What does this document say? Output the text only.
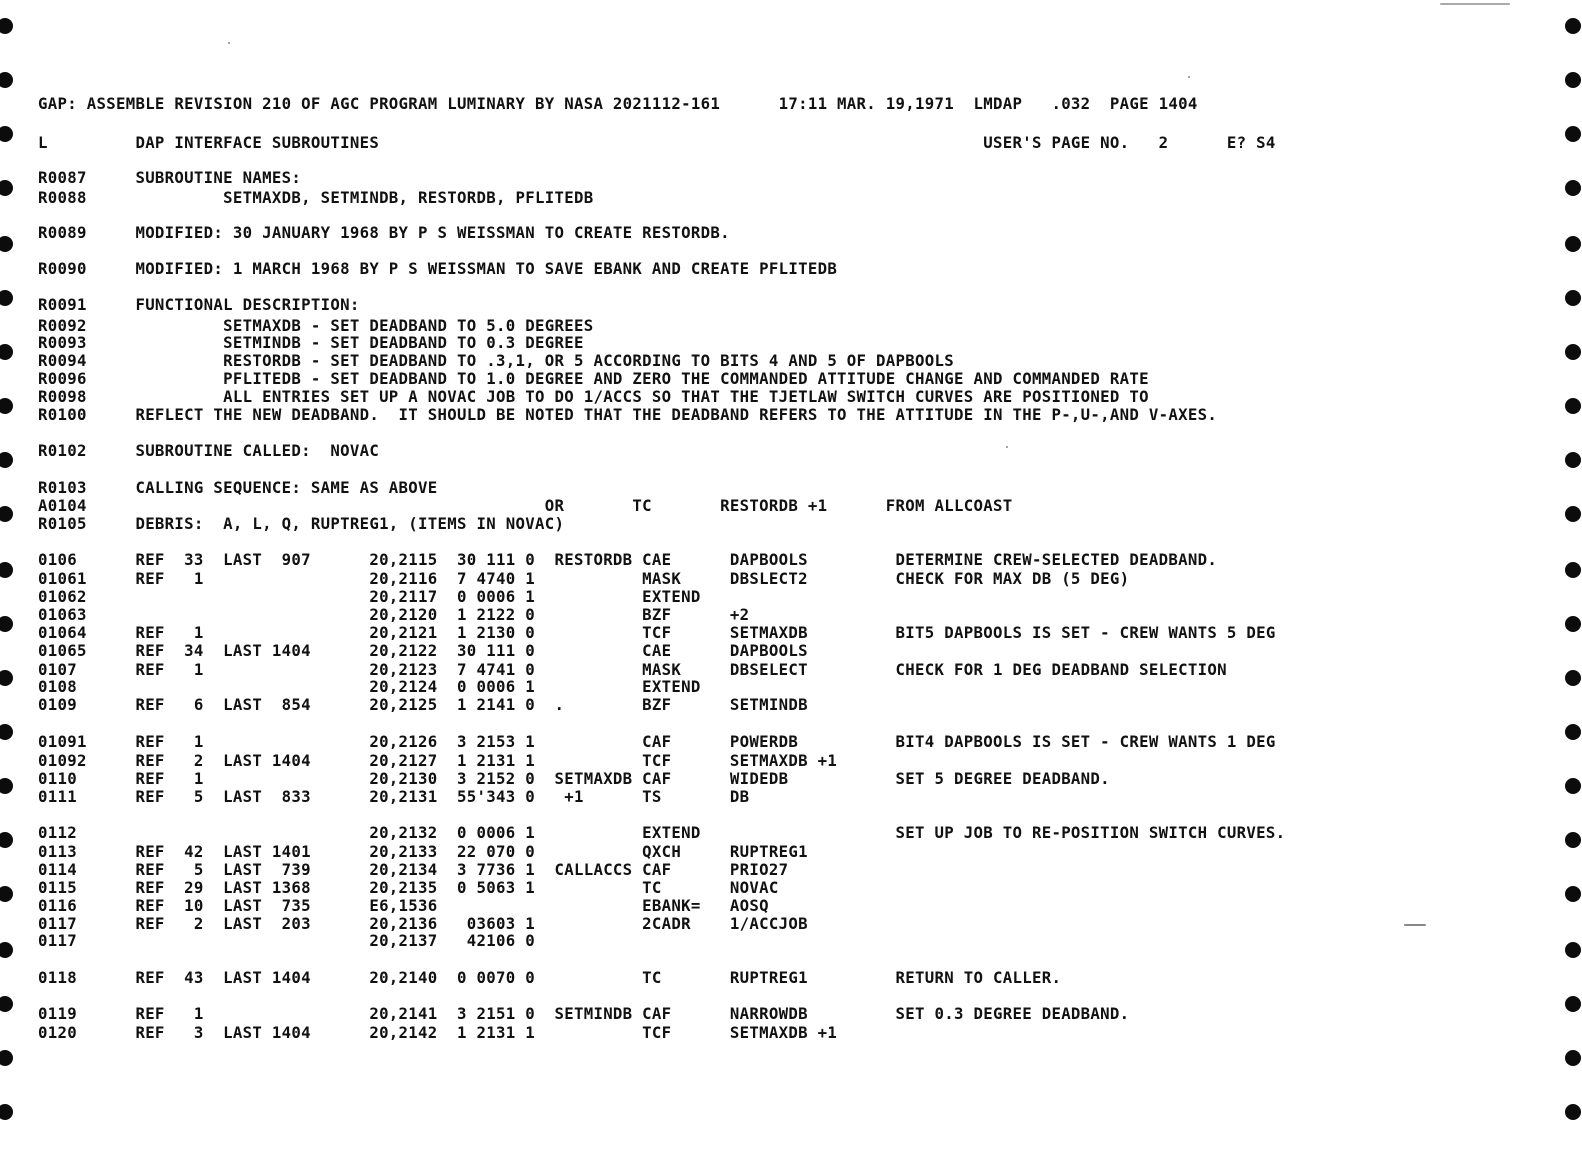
GAP: ASSEMBLE REVISION 210 OF AGC PROGRAM LUMINARY BY NASA 2021112-161      17:11 MAR. 19,1971  LMDAP   .032  PAGE 1404
L         DAP INTERFACE SUBROUTINES                                                              USER'S PAGE NO.   2      E? S4
R0087     SUBROUTINE NAMES:
R0088              SETMAXDB, SETMINDB, RESTORDB, PFLITEDB
R0089     MODIFIED: 30 JANUARY 1968 BY P S WEISSMAN TO CREATE RESTORDB.
R0090     MODIFIED: 1 MARCH 1968 BY P S WEISSMAN TO SAVE EBANK AND CREATE PFLITEDB
R0091     FUNCTIONAL DESCRIPTION:
R0092              SETMAXDB - SET DEADBAND TO 5.0 DEGREES
R0093              SETMINDB - SET DEADBAND TO 0.3 DEGREE
R0094              RESTORDB - SET DEADBAND TO .3,1, OR 5 ACCORDING TO BITS 4 AND 5 OF DAPBOOLS
R0096              PFLITEDB - SET DEADBAND TO 1.0 DEGREE AND ZERO THE COMMANDED ATTITUDE CHANGE AND COMMANDED RATE
R0098              ALL ENTRIES SET UP A NOVAC JOB TO DO 1/ACCS SO THAT THE TJETLAW SWITCH CURVES ARE POSITIONED TO
R0100     REFLECT THE NEW DEADBAND.  IT SHOULD BE NOTED THAT THE DEADBAND REFERS TO THE ATTITUDE IN THE P-,U-,AND V-AXES.
R0102     SUBROUTINE CALLED:  NOVAC
R0103     CALLING SEQUENCE: SAME AS ABOVE
A0104                                               OR       TC       RESTORDB +1      FROM ALLCOAST
R0105     DEBRIS:  A, L, Q, RUPTREG1, (ITEMS IN NOVAC)
0106      REF  33  LAST  907      20,2115  30 111 0  RESTORDB CAE      DAPBOOLS         DETERMINE CREW-SELECTED DEADBAND.
01061     REF   1                 20,2116  7 4740 1           MASK     DBSLECT2         CHECK FOR MAX DB (5 DEG)
01062                             20,2117  0 0006 1           EXTEND
01063                             20,2120  1 2122 0           BZF      +2
01064     REF   1                 20,2121  1 2130 0           TCF      SETMAXDB         BIT5 DAPBOOLS IS SET - CREW WANTS 5 DEG
01065     REF  34  LAST 1404      20,2122  30 111 0           CAE      DAPBOOLS
0107      REF   1                 20,2123  7 4741 0           MASK     DBSELECT         CHECK FOR 1 DEG DEADBAND SELECTION
0108                              20,2124  0 0006 1           EXTEND
0109      REF   6  LAST  854      20,2125  1 2141 0  .        BZF      SETMINDB
01091     REF   1                 20,2126  3 2153 1           CAF      POWERDB          BIT4 DAPBOOLS IS SET - CREW WANTS 1 DEG
01092     REF   2  LAST 1404      20,2127  1 2131 1           TCF      SETMAXDB +1
0110      REF   1                 20,2130  3 2152 0  SETMAXDB CAF      WIDEDB           SET 5 DEGREE DEADBAND.
0111      REF   5  LAST  833      20,2131  55'343 0   +1      TS       DB
0112                              20,2132  0 0006 1           EXTEND                    SET UP JOB TO RE-POSITION SWITCH CURVES.
0113      REF  42  LAST 1401      20,2133  22 070 0           QXCH     RUPTREG1
0114      REF   5  LAST  739      20,2134  3 7736 1  CALLACCS CAF      PRIO27
0115      REF  29  LAST 1368      20,2135  0 5063 1           TC       NOVAC
0116      REF  10  LAST  735      E6,1536                     EBANK=   AOSQ
0117      REF   2  LAST  203      20,2136   03603 1           2CADR    1/ACCJOB
0117                              20,2137   42106 0
0118      REF  43  LAST 1404      20,2140  0 0070 0           TC       RUPTREG1         RETURN TO CALLER.
0119      REF   1                 20,2141  3 2151 0  SETMINDB CAF      NARROWDB         SET 0.3 DEGREE DEADBAND.
0120      REF   3  LAST 1404      20,2142  1 2131 1           TCF      SETMAXDB +1
